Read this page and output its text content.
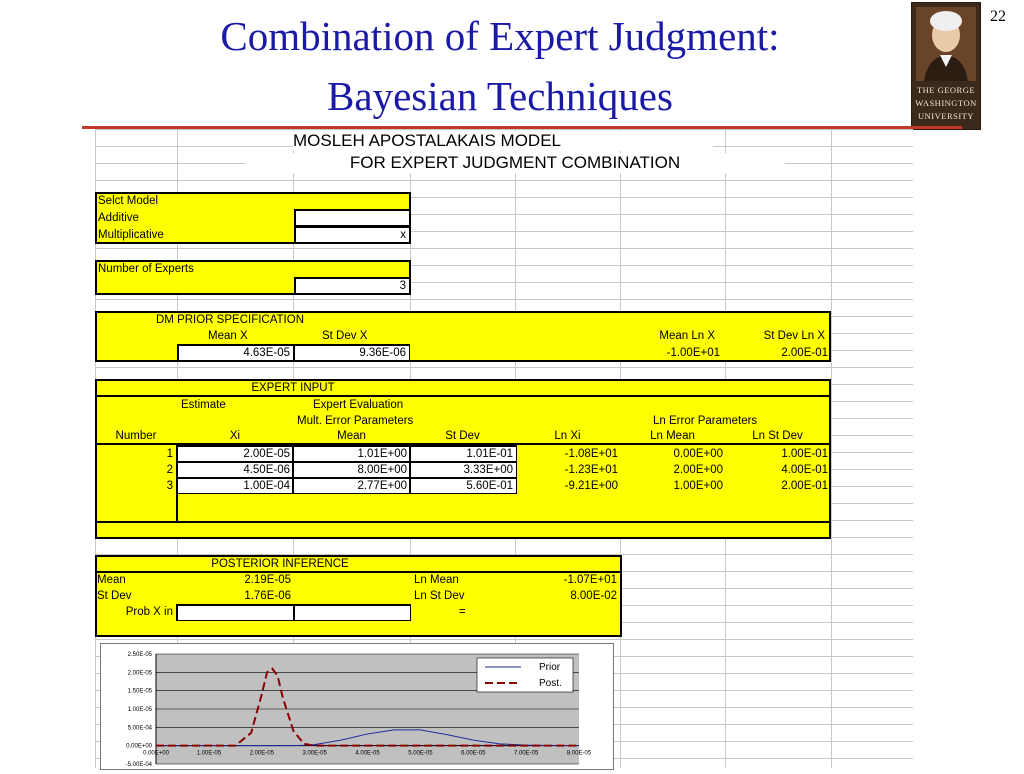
Combination of Expert Judgment:
Bayesian Techniques
22
THE GEORGE
WASHINGTON
UNIVERSITY
MOSLEH APOSTALAKAIS MODEL
FOR EXPERT JUDGMENT COMBINATION
Selct Model
Additive
Multiplicative	x
Number of Experts
3
DM PRIOR SPECIFICATION
Mean X	St Dev X	Mean Ln X	St Dev Ln X
4.63E-05	9.36E-06	-1.00E+01	2.00E-01
EXPERT INPUT
Estimate	Expert Evaluation
Mult. Error Parameters	Ln Error Parameters
Number	Xi	Mean	St Dev	Ln Xi	Ln Mean	Ln St Dev
1	2.00E-05	1.01E+00	1.01E-01	-1.08E+01	0.00E+00	1.00E-01
2	4.50E-06	8.00E+00	3.33E+00	-1.23E+01	2.00E+00	4.00E-01
3	1.00E-04	2.77E+00	5.60E-01	-9.21E+00	1.00E+00	2.00E-01
POSTERIOR INFERENCE
Mean	2.19E-05	Ln Mean	-1.07E+01
St Dev	1.76E-06	Ln St Dev	8.00E-02
Prob X in	=
2.50E-05
2.00E-05
1.50E-05
1.00E-05
5.00E-04
0.00E+00
-5.00E-04
0.00E+00	1.00E-05	2.00E-05	3.00E-05	4.00E-05	5.00E-05	6.00E-05	7.00E-05	8.00E-05
Prior
Post.
